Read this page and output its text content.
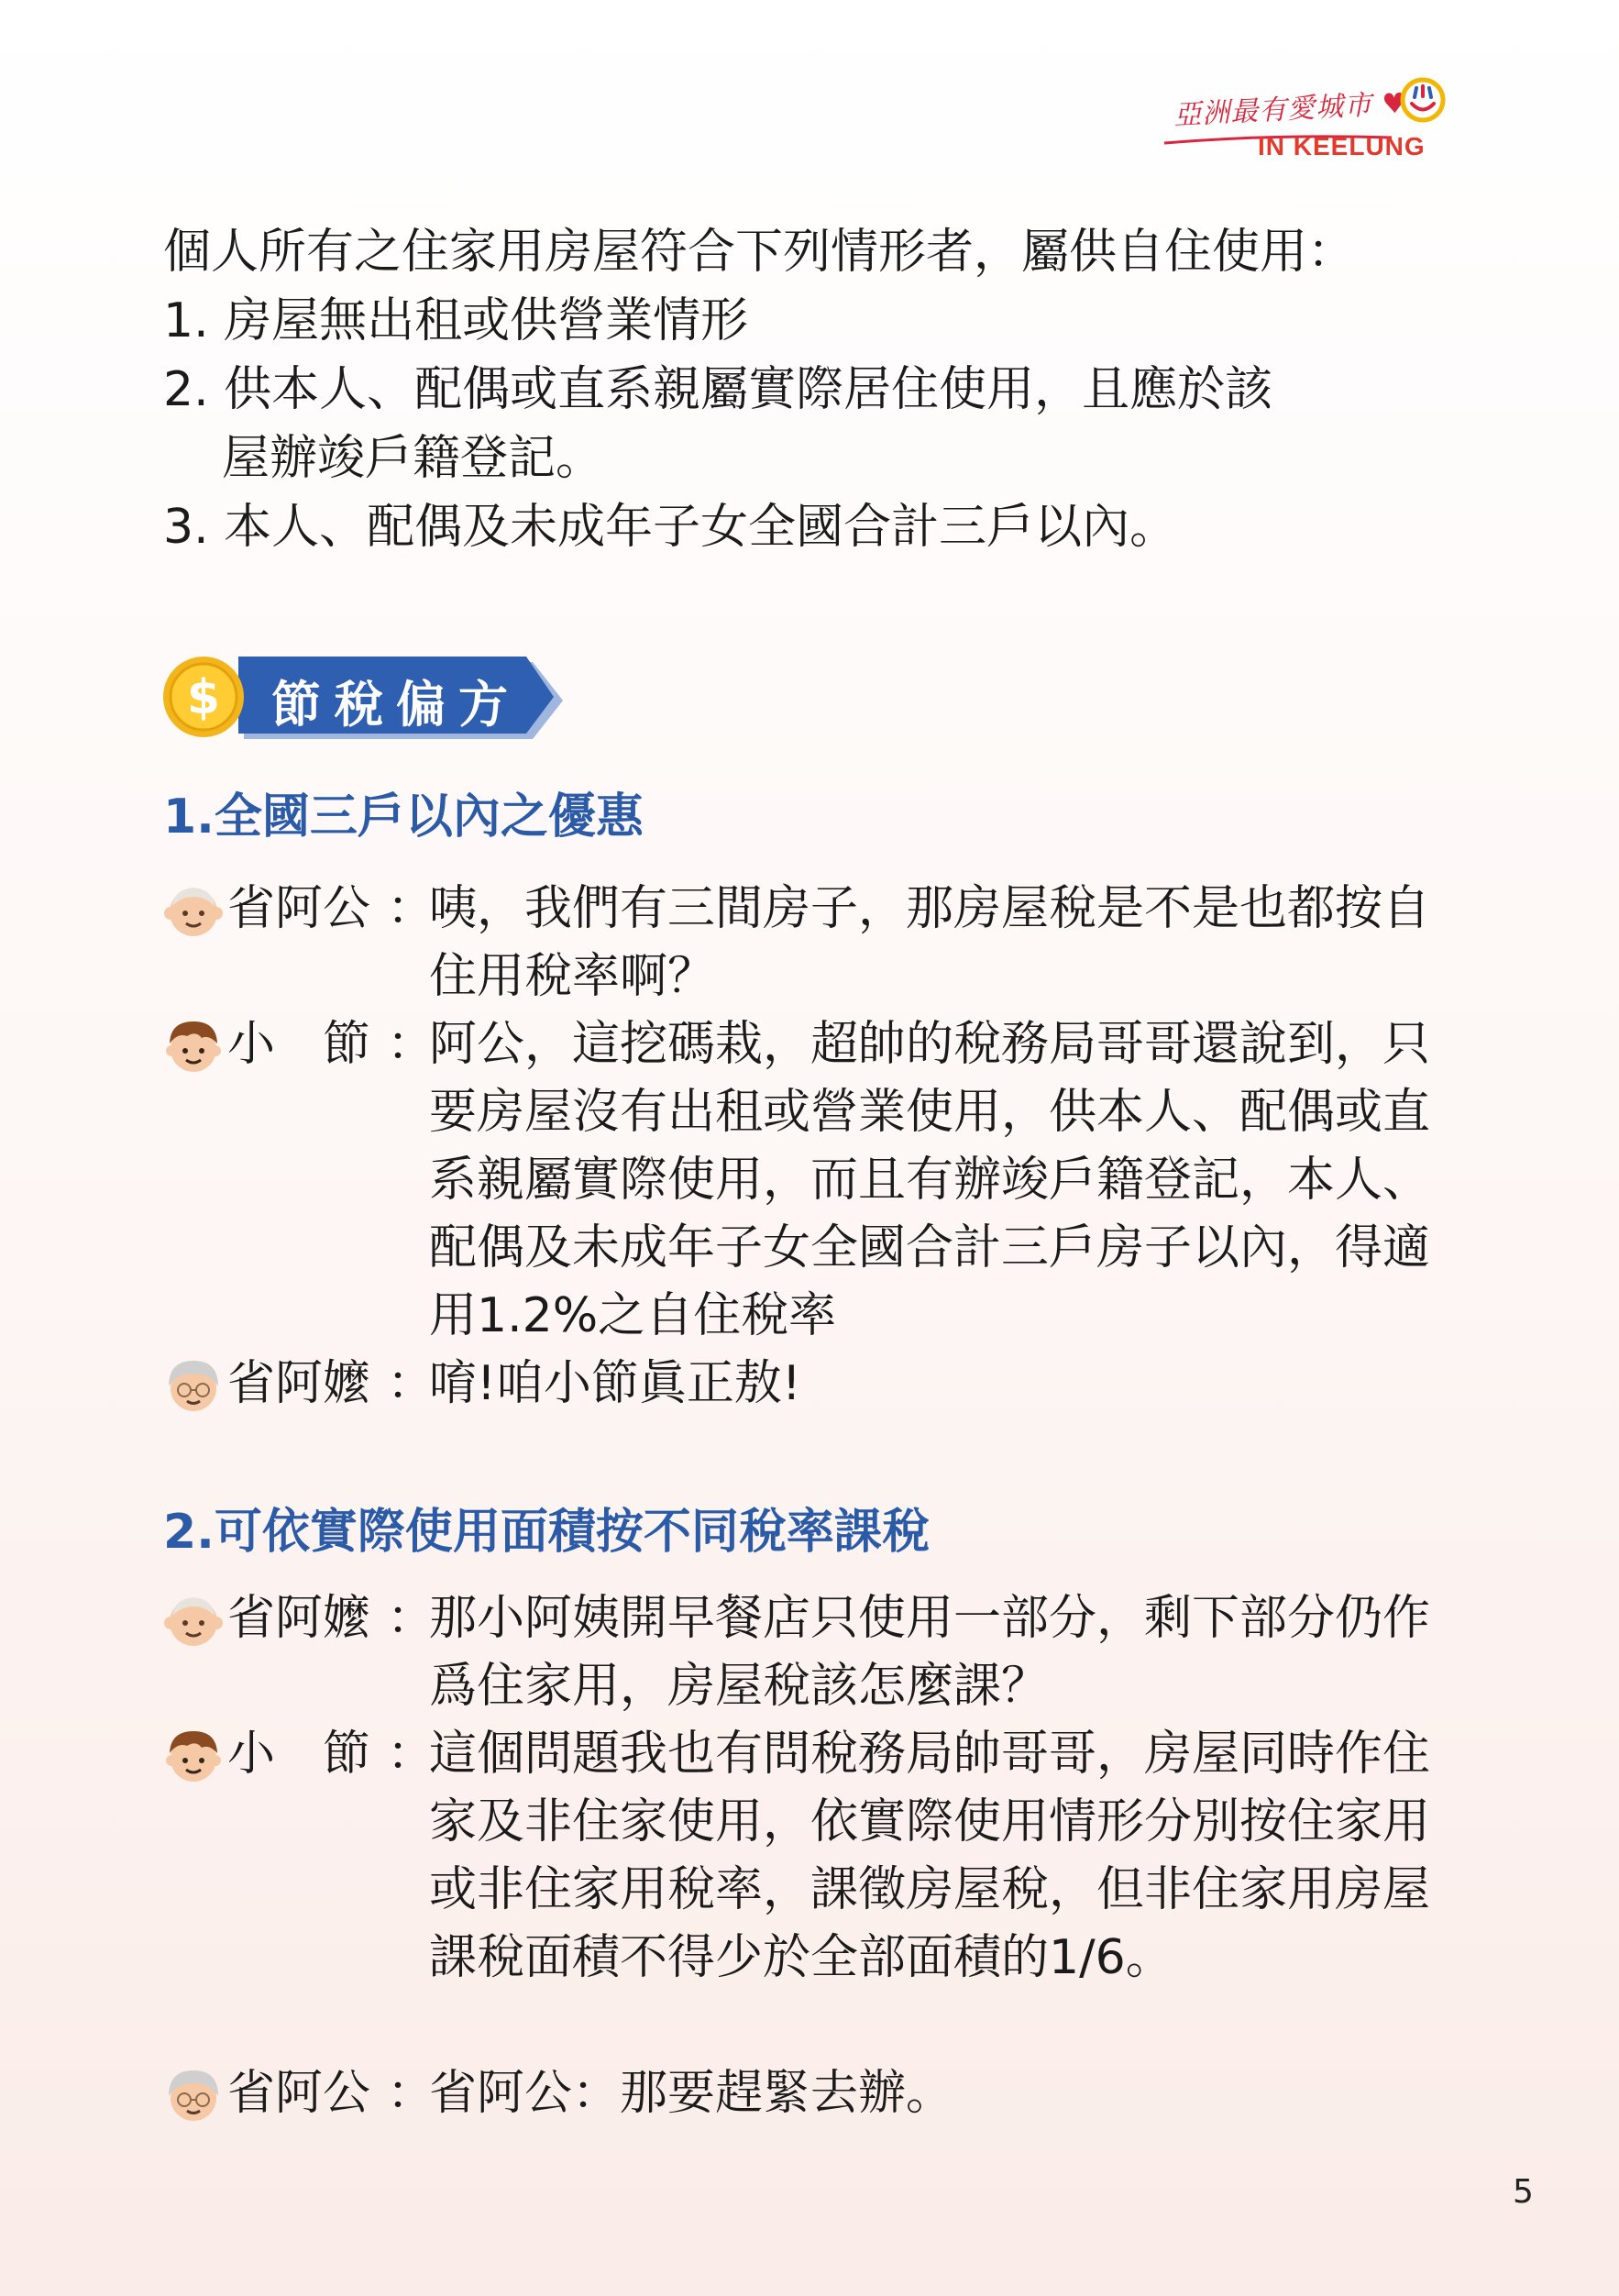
亞洲最有愛城市 ♥
IN KEELUNG

個人所有之住家用房屋符合下列情形者，屬供自住使用：

1. 房屋無出租或供營業情形

2. 供本人、配偶或直系親屬實際居住使用，且應於該

屋辦竣戶籍登記。

3. 本人、配偶及未成年子女全國合計三戶以內。

$ 節稅偏方
1.全國三戶以內之優惠
省阿公 ：
咦，我們有三間房子，那房屋稅是不是也都按自住用稅率啊？
小　節 ：
阿公，這挖碼栽，超帥的稅務局哥哥還說到，只要房屋沒有出租或營業使用，供本人、配偶或直系親屬實際使用，而且有辦竣戶籍登記，本人、配偶及未成年子女全國合計三戶房子以內，得適用1.2%之自住稅率
省阿嬤 ：
唷!咱小節眞正敖!
2.可依實際使用面積按不同稅率課稅
省阿嬤 ：
那小阿姨開早餐店只使用一部分，剩下部分仍作爲住家用，房屋稅該怎麼課？
小　節 ：
這個問題我也有問稅務局帥哥哥，房屋同時作住家及非住家使用，依實際使用情形分別按住家用或非住家用稅率，課徵房屋稅，但非住家用房屋課稅面積不得少於全部面積的1/6。
省阿公 ：
省阿公：那要趕緊去辦。
5
